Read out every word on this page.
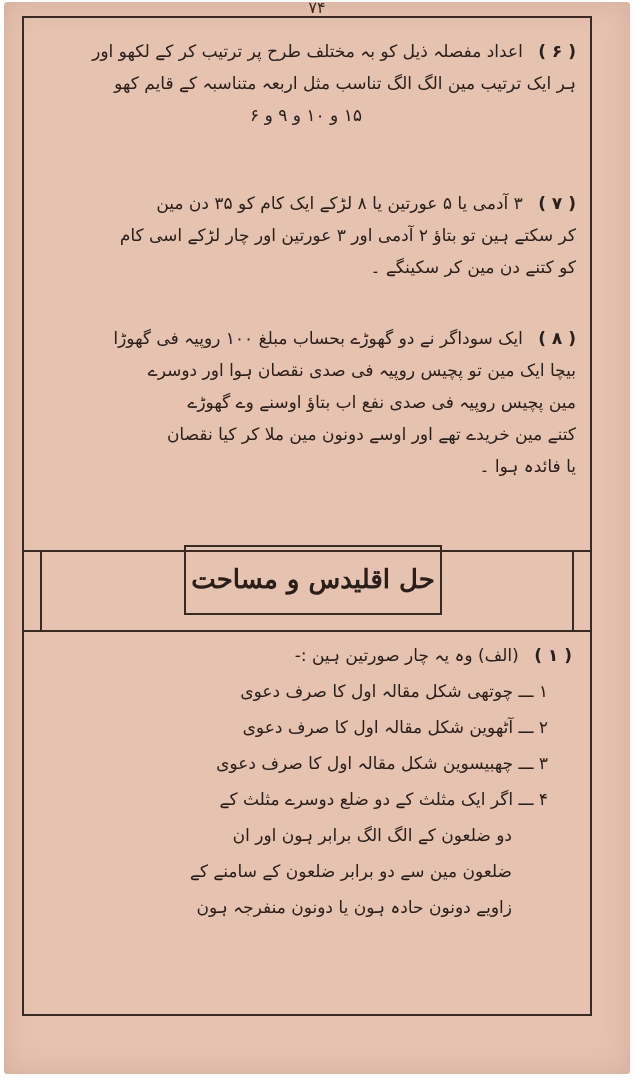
۷۴
( ۶ ) اعداد مفصلہ ذیل کو بہ مختلف طرح پر ترتیب کر کے لکھو اور
ہر ایک ترتیب مین الگ الگ تناسب مثل اربعہ متناسبہ کے قایم کھو
۱۵ و ۱۰ و ۹ و ۶
( ۷ ) ۳ آدمی یا ۵ عورتین یا ۸ لڑکے ایک کام کو ۳۵ دن مین
کر سکتے ہین تو بتاؤ ۲ آدمی اور ۳ عورتین اور چار لڑکے اسی کام
کو کتنے دن مین کر سکینگے ۔
( ۸ ) ایک سوداگر نے دو گھوڑے بحساب مبلغ ۱۰۰ روپیہ فی گھوڑا
بیچا ایک مین تو پچیس روپیہ فی صدی نقصان ہوا اور دوسرے
مین پچیس روپیہ فی صدی نفع اب بتاؤ اوسنے وے گھوڑے
کتنے مین خریدے تھے اور اوسے دونون مین ملا کر کیا نقصان
یا فائدہ ہوا ۔
حل اقلیدس و مساحت
( ۱ ) (الف) وہ یہ چار صورتین ہین :-
۱ ـــ چوتھی شکل مقالہ اول کا صرف دعوی
۲ ـــ آٹھوین شکل مقالہ اول کا صرف دعوی
۳ ـــ چھبیسوین شکل مقالہ اول کا صرف دعوی
۴ ـــ اگر ایک مثلث کے دو ضلع دوسرے مثلث کے
دو ضلعون کے الگ الگ برابر ہون اور ان
ضلعون مین سے دو برابر ضلعون کے سامنے کے
زاویے دونون حادہ ہون یا دونون منفرجہ ہون
